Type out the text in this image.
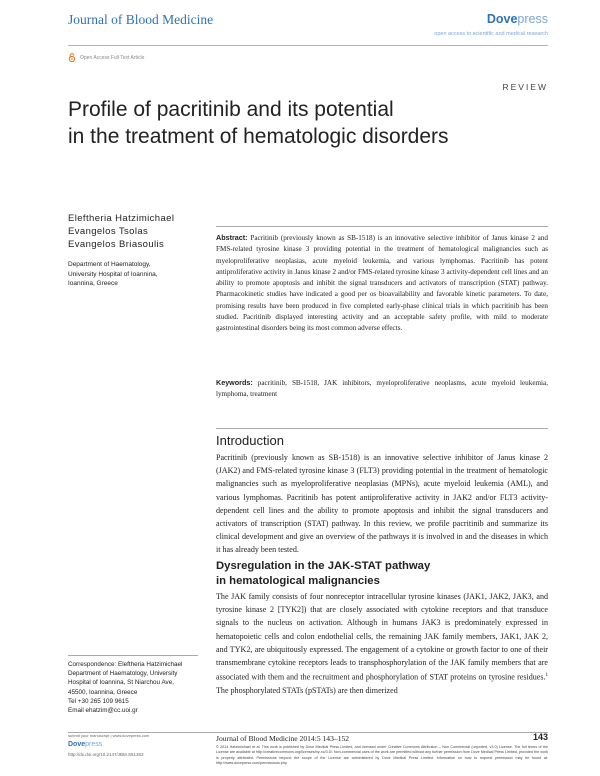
Journal of Blood Medicine	Dovepress
open access to scientific and medical research
Open Access Full Text Article
REVIEW
Profile of pacritinib and its potential
in the treatment of hematologic disorders
Eleftheria Hatzimichael
Evangelos Tsolas
Evangelos Briasoulis
Department of Haematology,
University Hospital of Ioannina,
Ioannina, Greece
Abstract: Pacritinib (previously known as SB-1518) is an innovative selective inhibitor of Janus kinase 2 and FMS-related tyrosine kinase 3 providing potential in the treatment of hematological malignancies such as myeloproliferative neoplasias, acute myeloid leukemia, and various lymphomas. Pacritinib has potent antiproliferative activity in Janus kinase 2 and/or FMS-related tyrosine kinase 3 activity-dependent cell lines and an ability to promote apoptosis and inhibit the signal transducers and activators of transcription (STAT) pathway. Pharmacokinetic studies have indicated a good per os bioavailability and favorable kinetic parameters. To date, promising results have been produced in five completed early-phase clinical trials in which pacritinib has been studied. Pacritinib displayed interesting activity and an acceptable safety profile, with mild to moderate gastrointestinal disorders being its most common adverse effects.
Keywords: pacritinib, SB-1518, JAK inhibitors, myeloproliferative neoplasms, acute myeloid leukemia, lymphoma, treatment
Introduction
Pacritinib (previously known as SB-1518) is an innovative selective inhibitor of Janus kinase 2 (JAK2) and FMS-related tyrosine kinase 3 (FLT3) providing potential in the treatment of hematologic malignancies such as myeloproliferative neoplasias (MPNs), acute myeloid leukemia (AML), and various lymphomas. Pacritinib has potent antiproliferative activity in JAK2 and/or FLT3 activity-dependent cell lines and the ability to promote apoptosis and inhibit the signal transducers and activators of transcription (STAT) pathway. In this review, we profile pacritinib and summarize its clinical development and give an overview of the pathways it is involved in and the diseases in which it has already been tested.
Dysregulation in the JAK-STAT pathway
in hematological malignancies
The JAK family consists of four nonreceptor intracellular tyrosine kinases (JAK1, JAK2, JAK3, and tyrosine kinase 2 [TYK2]) that are closely associated with cytokine receptors and that transduce signals to the nucleus on activation. Although in humans JAK3 is predominately expressed in hematopoietic cells and colon endothelial cells, the remaining JAK family members, JAK1, JAK 2, and TYK2, are ubiquitously expressed. The engagement of a cytokine or growth factor to one of their transmembrane cytokine receptors leads to transphosphorylation of the JAK family members that are associated with them and the recruitment and phosphorylation of STAT proteins on tyrosine residues.$^1$ The phosphorylated STATs (pSTATs) are then dimerized
Correspondence: Eleftheria Hatzimichael
Department of Haematology, University
Hospital of Ioannina, St Niarchou Ave,
45500, Ioannina, Greece
Tel +30 265 109 9615
Email ehatzim@cc.uoi.gr
submit your manuscript | www.dovepress.com
Dovepress
http://dx.doi.org/10.2147/JBM.S51353
Journal of Blood Medicine 2014:5 143–152	143
© 2014 Hatzimichael et al. This work is published by Dove Medical Press Limited, and licensed under Creative Commons Attribution – Non Commercial (unported, v3.0) License. The full terms of the License are available at http://creativecommons.org/licenses/by-nc/3.0/. Non-commercial uses of the work are permitted without any further permission from Dove Medical Press Limited, provided the work is properly attributed. Permissions beyond the scope of the License are administered by Dove Medical Press Limited. Information on how to request permission may be found at: http://www.dovepress.com/permissions.php
